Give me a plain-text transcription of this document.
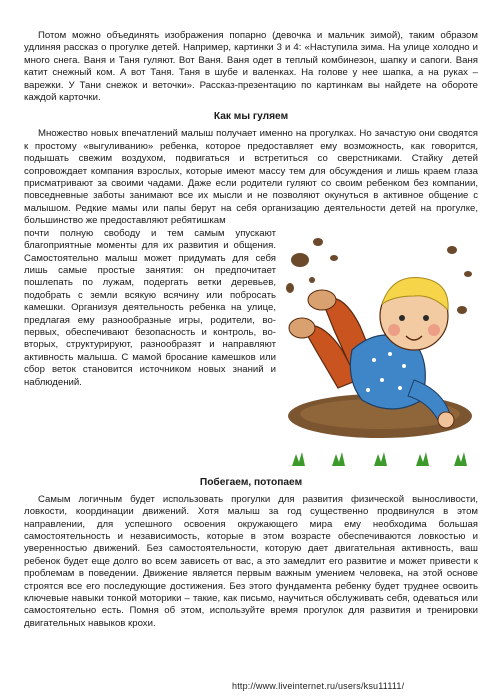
Потом можно объединять изображения попарно (девочка и мальчик зимой), таким образом удлиняя рассказ о прогулке детей. Например, картинки 3 и 4: «Наступила зима. На улице холодно и много снега. Ваня и Таня гуляют. Вот Ваня. Ваня одет в теплый комбинезон, шапку и сапоги. Ваня катит снежный ком. А вот Таня. Таня в шубе и валенках. На голове у нее шапка, а на руках – варежки. У Тани снежок и веточки». Рассказ-презентацию по картинкам вы найдете на обороте каждой карточки.

Как мы гуляем

Множество новых впечатлений малыш получает именно на прогулках. Но зачастую они сводятся к простому «выгуливанию» ребенка, которое предоставляет ему возможность, как говорится, подышать свежим воздухом, подвигаться и встретиться со сверстниками. Стайку детей сопровождает компания взрослых, которые имеют массу тем для обсуждения и лишь краем глаза присматривают за своими чадами. Даже если родители гуляют со своим ребенком без компании, повседневные заботы занимают все их мысли и не позволяют окунуться в активное общение с малышом. Редкие мамы или папы берут на себя организацию деятельности детей на прогулке, большинство же предоставляют ребятишкам

почти полную свободу и тем самым упускают благоприятные моменты для их развития и общения. Самостоятельно малыш может придумать для себя лишь самые простые занятия: он предпочитает пошлепать по лужам, подергать ветки деревьев, подобрать с земли всякую всячину или побросать камешки. Организуя деятельность ребенка на улице, предлагая ему разнообразные игры, родители, во-первых, обеспечивают безопасность и контроль, во-вторых, структурируют, разнообразят и направляют активность малыша. С мамой бросание камешков или сбор веток становится источником новых знаний и наблюдений.

Побегаем, потопаем

Самым логичным будет использовать прогулки для развития физической выносливости, ловкости, координации движений. Хотя малыш за год существенно продвинулся в этом направлении, для успешного освоения окружающего мира ему необходима большая самостоятельность и независимость, которые в этом возрасте обеспечиваются ловкостью и уверенностью движений. Без самостоятельности, которую дает двигательная активность, ваш ребенок будет еще долго во всем зависеть от вас, а это замедлит его развитие и может привести к проблемам в поведении. Движение является первым важным умением человека, на этой основе строятся все его последующие достижения. Без этого фундамента ребенку будет труднее освоить ключевые навыки тонкой моторики – такие, как письмо, научиться обслуживать себя, одеваться или самостоятельно есть. Помня об этом, используйте время прогулок для развития и тренировки двигательных навыков крохи.

http://www.liveinternet.ru/users/ksu11111/
